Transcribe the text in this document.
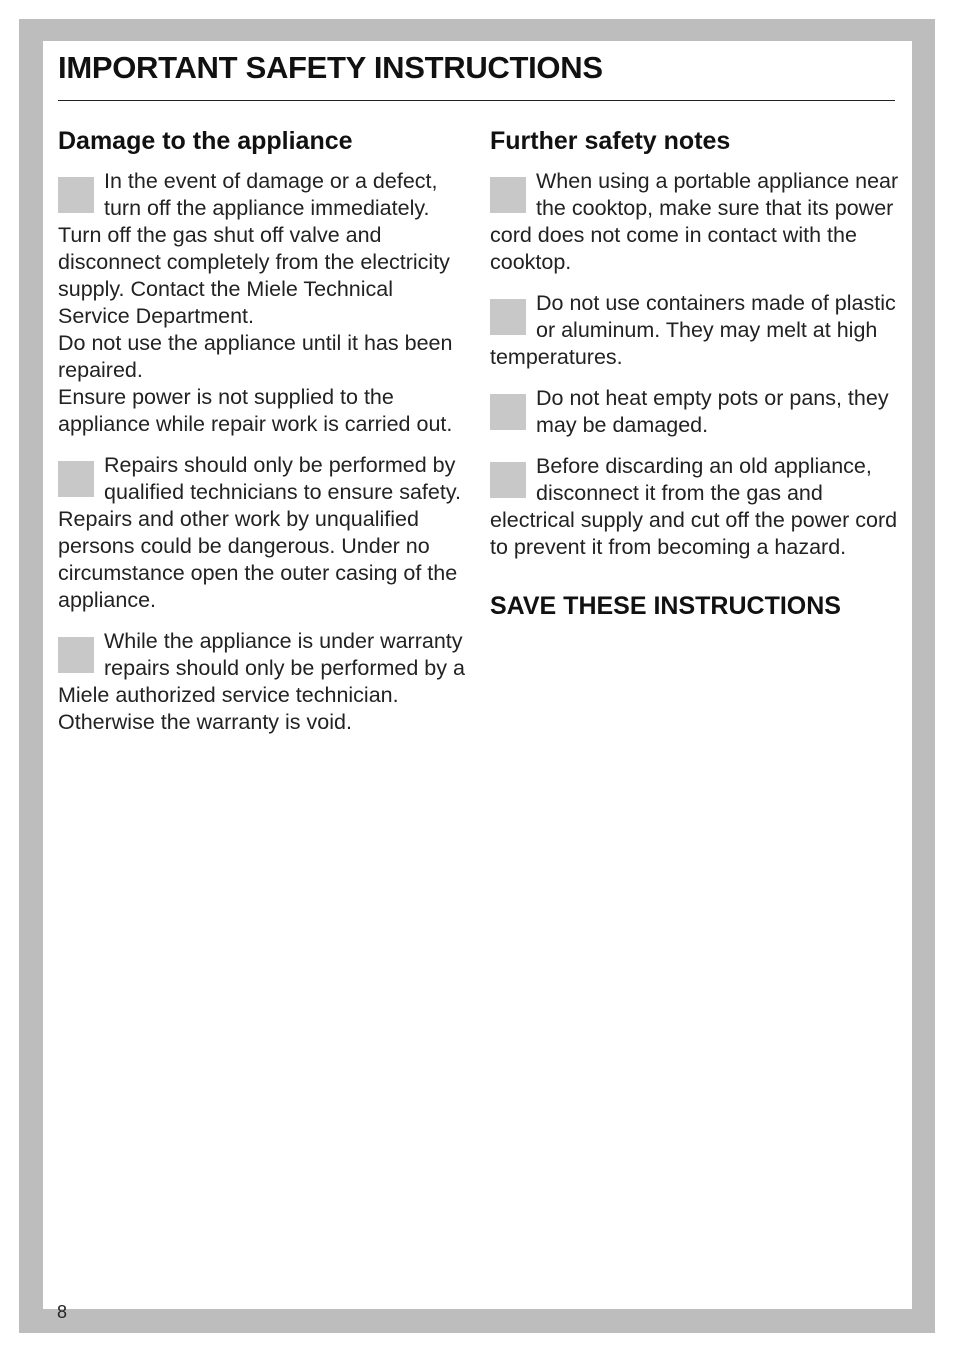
IMPORTANT SAFETY INSTRUCTIONS
Damage to the appliance

In the event of damage or a defect, turn off the appliance immediately. Turn off the gas shut off valve and disconnect completely from the electricity supply. Contact the Miele Technical Service Department.

Do not use the appliance until it has been repaired.

Ensure power is not supplied to the appliance while repair work is carried out.

Repairs should only be performed by qualified technicians to ensure safety. Repairs and other work by unqualified persons could be dangerous. Under no circumstance open the outer casing of the appliance.

While the appliance is under warranty repairs should only be performed by a Miele authorized service technician. Otherwise the warranty is void.

Further safety notes

When using a portable appliance near the cooktop, make sure that its power cord does not come in contact with the cooktop.

Do not use containers made of plastic or aluminum. They may melt at high temperatures.

Do not heat empty pots or pans, they may be damaged.

Before discarding an old appliance, disconnect it from the gas and electrical supply and cut off the power cord to prevent it from becoming a hazard.

SAVE THESE INSTRUCTIONS
8
